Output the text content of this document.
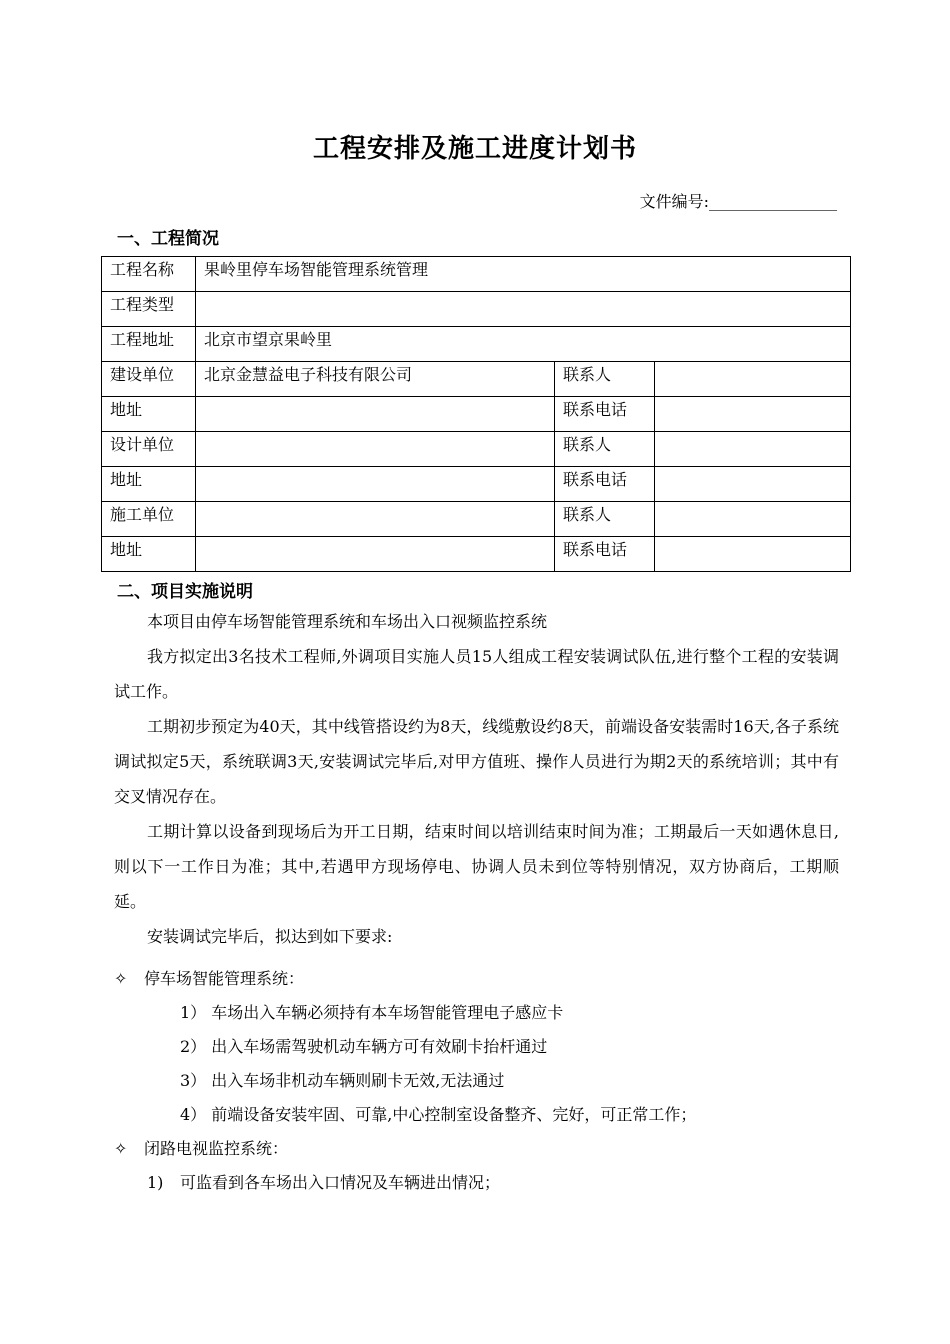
工程安排及施工进度计划书
文件编号:________________
一、工程简况
工程名称	果岭里停车场智能管理系统管理		
工程类型			
工程地址	北京市望京果岭里		
建设单位	北京金慧益电子科技有限公司	联系人	
地址		联系电话	
设计单位		联系人	
地址		联系电话	
施工单位		联系人	
地址		联系电话	
二、项目实施说明
本项目由停车场智能管理系统和车场出入口视频监控系统
我方拟定出3名技术工程师,外调项目实施人员15人组成工程安装调试队伍,进行整个工程的安装调试工作。
工期初步预定为40天，其中线管搭设约为8天，线缆敷设约8天，前端设备安装需时16天,各子系统调试拟定5天，系统联调3天,安装调试完毕后,对甲方值班、操作人员进行为期2天的系统培训；其中有交叉情况存在。
工期计算以设备到现场后为开工日期，结束时间以培训结束时间为准；工期最后一天如遇休息日,则以下一工作日为准；其中,若遇甲方现场停电、协调人员未到位等特别情况，双方协商后，工期顺延。
安装调试完毕后，拟达到如下要求:
✧ 停车场智能管理系统：
1） 车场出入车辆必须持有本车场智能管理电子感应卡
2） 出入车场需驾驶机动车辆方可有效刷卡抬杆通过
3） 出入车场非机动车辆则刷卡无效,无法通过
4） 前端设备安装牢固、可靠,中心控制室设备整齐、完好，可正常工作；
✧ 闭路电视监控系统：
1) 可监看到各车场出入口情况及车辆进出情况；
